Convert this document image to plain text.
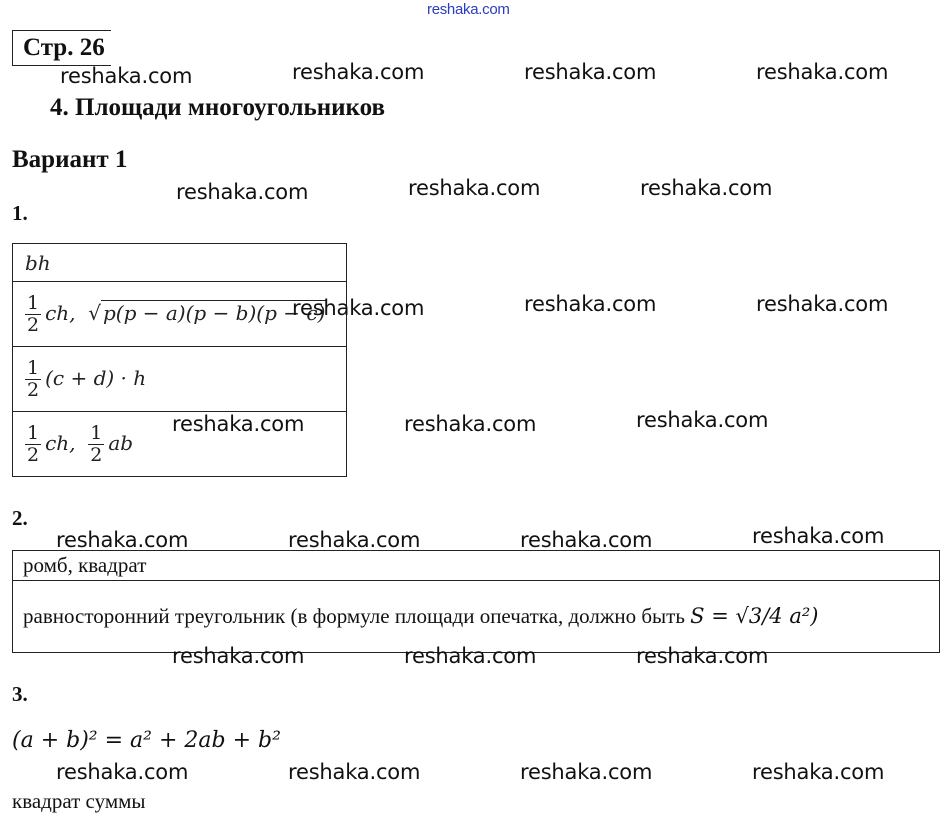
reshaka.com
Стр. 26
reshaka.com	reshaka.com	reshaka.com	reshaka.com
4. Площади многоугольников
Вариант 1
reshaka.com	reshaka.com	reshaka.com
1.
bh

$\frac{1}{2}$ ch,  √ p(p − a)(p − b)(p − c)

$\frac{1}{2} (c + d) \cdot h$

$\frac{1}{2}$ ch, $\frac{1}{2}$ ab
reshaka.com	reshaka.com	reshaka.com
reshaka.com	reshaka.com	reshaka.com
2.
reshaka.com	reshaka.com	reshaka.com	reshaka.com
ромб, квадрат
равносторонний треугольник (в формуле площади опечатка, должно быть S = √3/4 a²)
reshaka.com	reshaka.com	reshaka.com
3.
(a + b)² = a² + 2ab + b²
reshaka.com	reshaka.com	reshaka.com	reshaka.com
квадрат суммы
